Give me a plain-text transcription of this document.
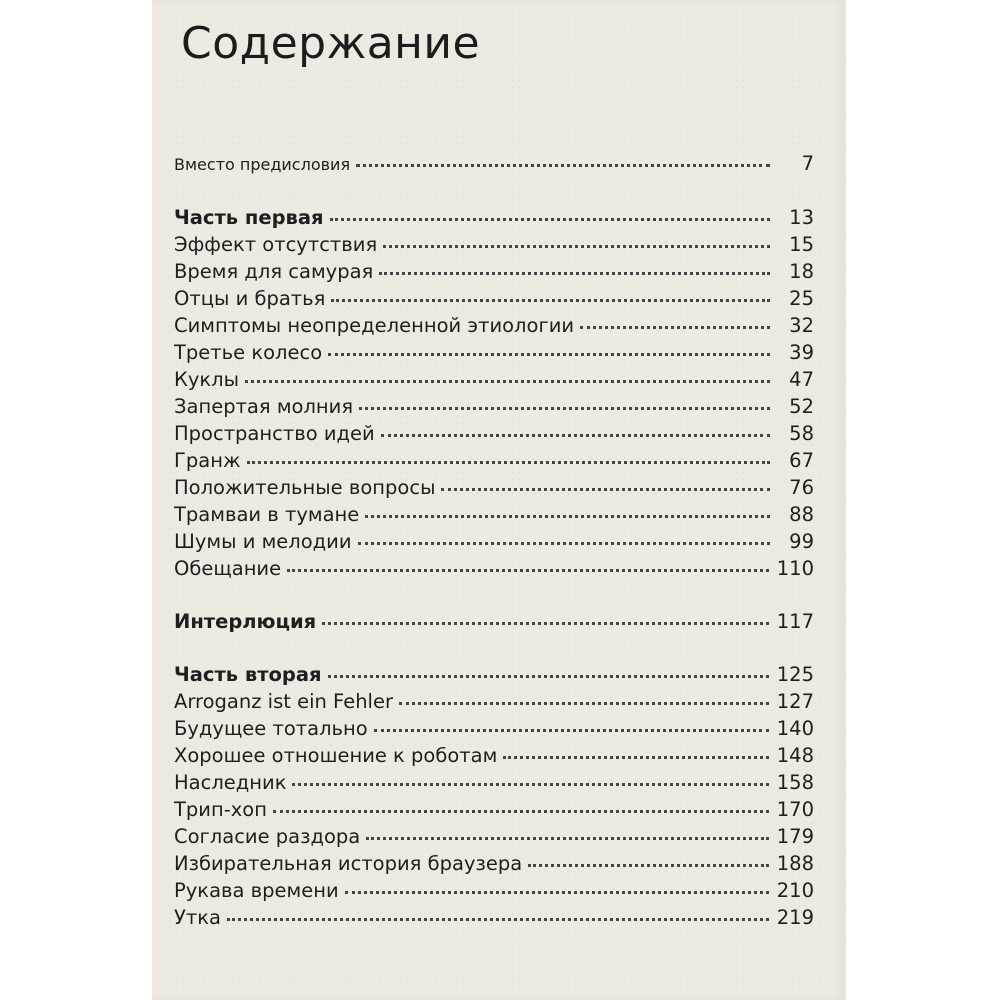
Содержание
Вместо предисловия	7
Часть первая	13
Эффект отсутствия	15
Время для самурая	18
Отцы и братья	25
Симптомы неопределенной этиологии	32
Третье колесо	39
Куклы	47
Запертая молния	52
Пространство идей	58
Гранж	67
Положительные вопросы	76
Трамваи в тумане	88
Шумы и мелодии	99
Обещание	110
Интерлюция	117
Часть вторая	125
Arroganz ist ein Fehler	127
Будущее тотально	140
Хорошее отношение к роботам	148
Наследник	158
Трип-хоп	170
Согласие раздора	179
Избирательная история браузера	188
Рукава времени	210
Утка	219
